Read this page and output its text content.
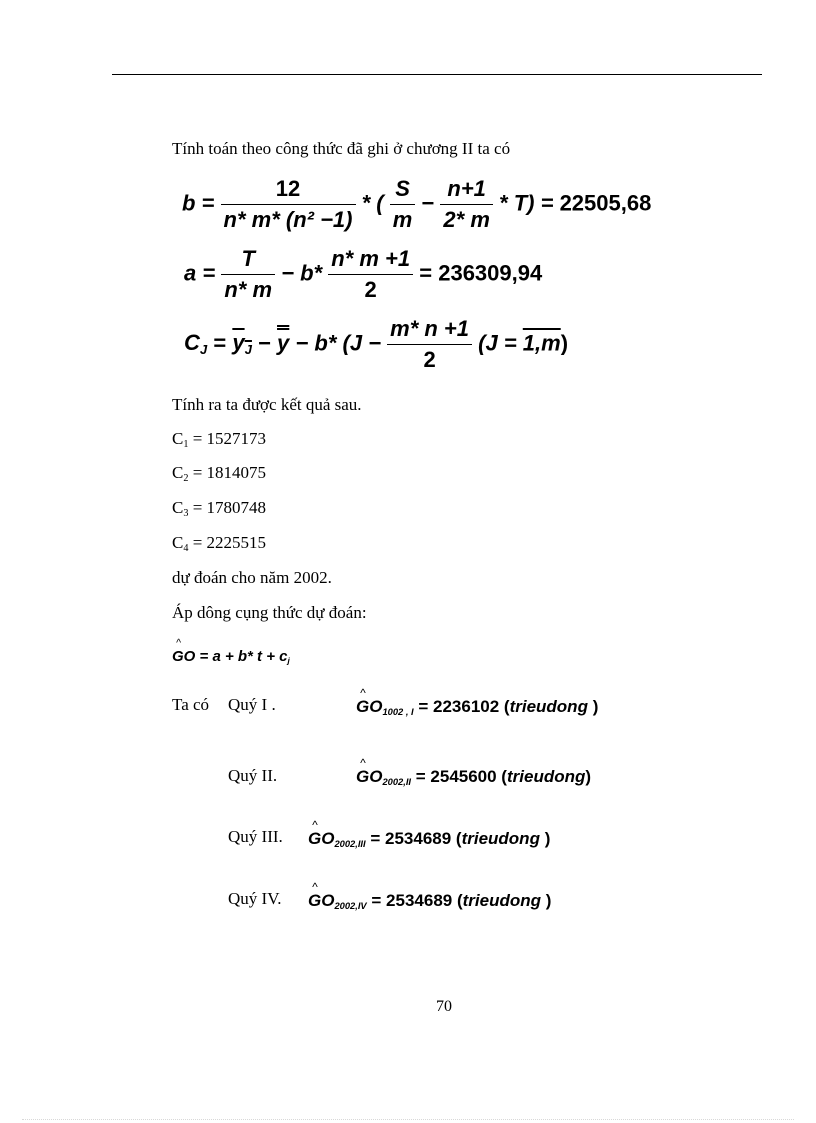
Tính toán theo công thức đã ghi ở chương II ta có
$b = \frac{12}{\text{n* m* (n² −1)}}$ * ( $\frac{S}{m} - \frac{n+1}{2* m} * T) = 22505,68$
$a = \frac{T}{n* m} - b* \frac{n* m +1}{2} = 236309,94$
$C_J = y_J - y - b*$ ($J - \frac{m* n +1}{2} (J = 1,m)$
Tính ra ta được kết quả sau.
$C_1 = 1527173$
$C_2 = 1814075$
$C_3 = 1780748$
$C_4 = 2225515$
dự đoán cho năm 2002.
Áp dông cụng thức dự đoán:
^ GO = a + b* $t + c_j$
Ta có Quý I .	^ $GO_{1002 , I} = 2236102$ (trieudong )
Quý II.	^ $GO_{2002,II} = 2545600$ (trieudong)
Quý III. ^ $GO_{2002,III} = 2534689$ (trieudong )
Quý IV. ^ $GO_{2002,IV} = 2534689$ (trieudong )
70
